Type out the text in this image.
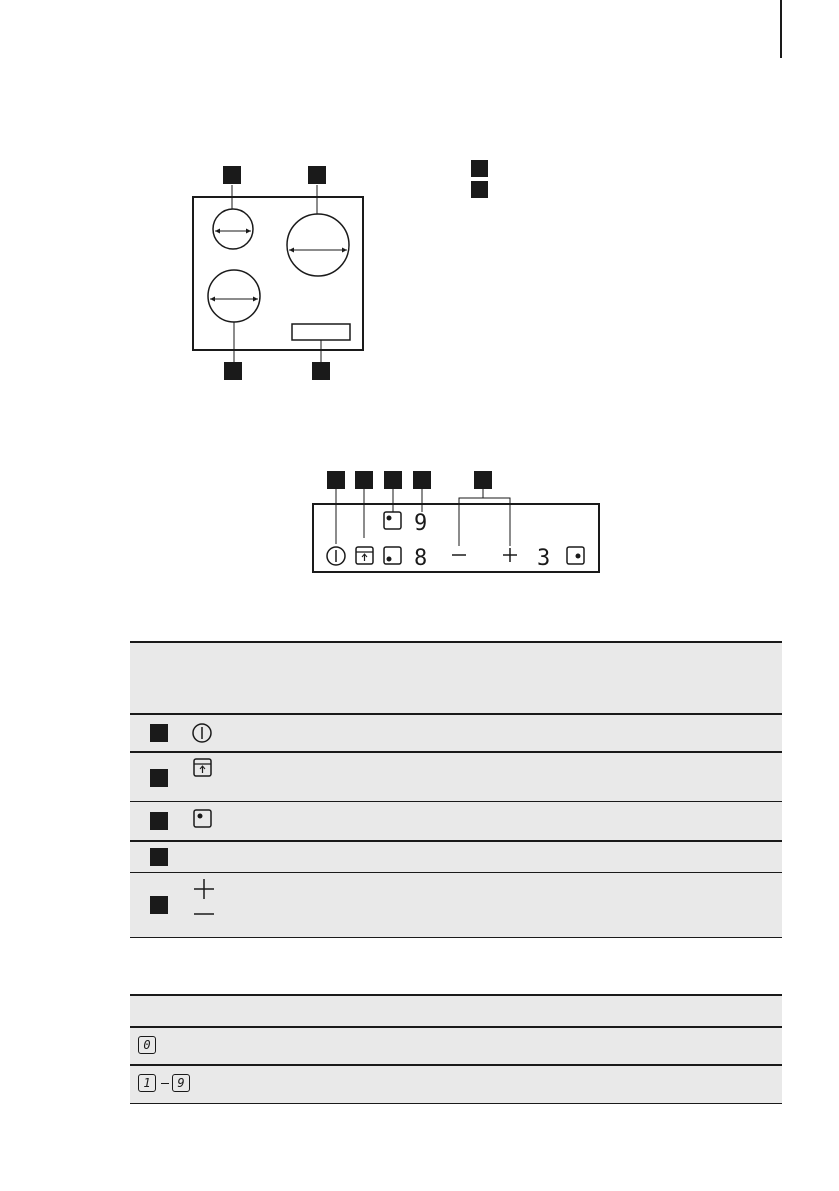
9
8	3
0
1	9
